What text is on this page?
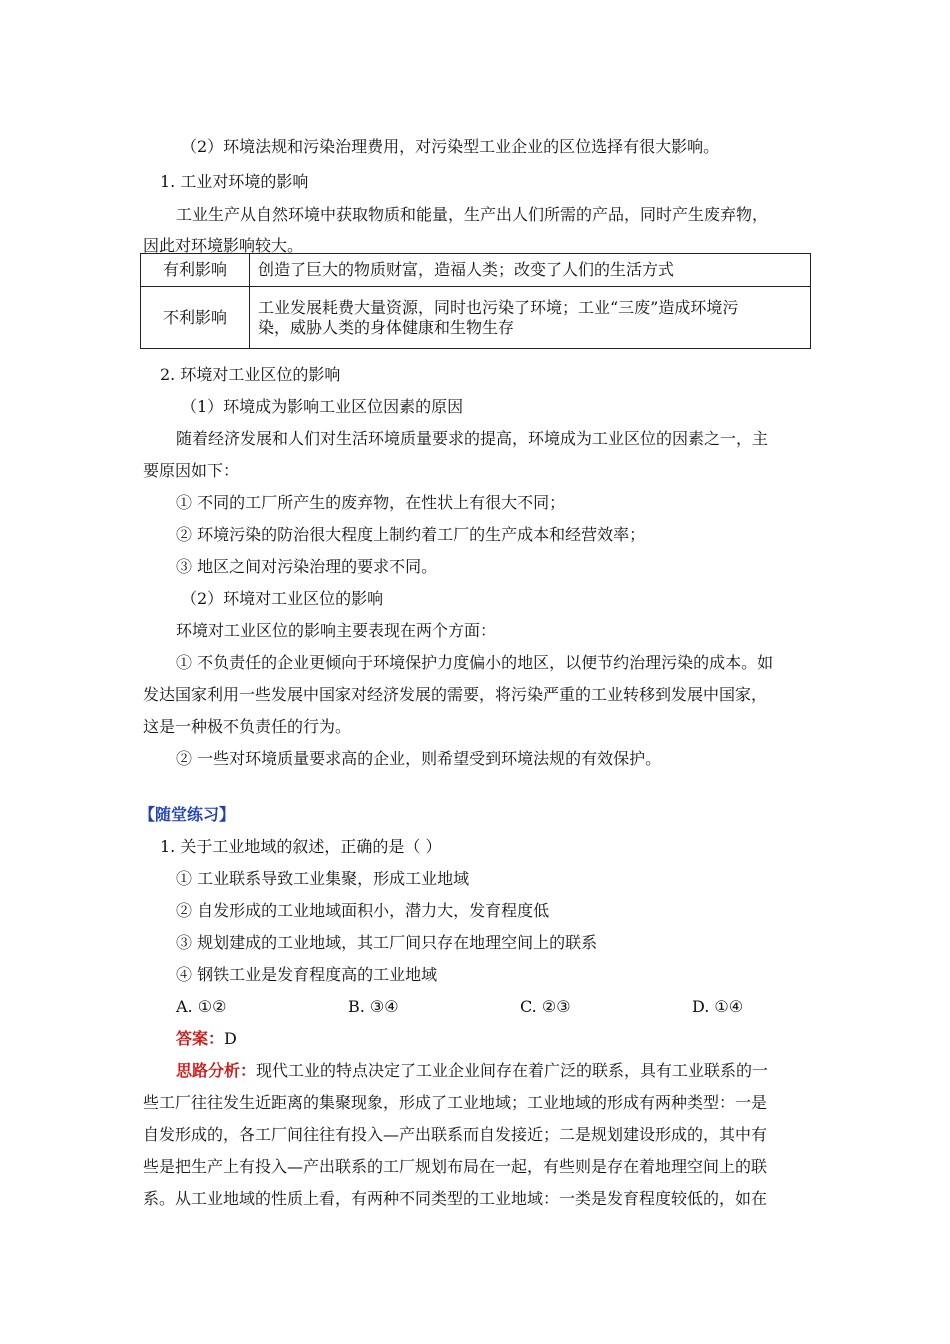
（2）环境法规和污染治理费用，对污染型工业企业的区位选择有很大影响。
1. 工业对环境的影响
工业生产从自然环境中获取物质和能量，生产出人们所需的产品，同时产生废弃物，
因此对环境影响较大。
有利影响	创造了巨大的物质财富，造福人类；改变了人们的生活方式
不利影响	工业发展耗费大量资源，同时也污染了环境；工业“三废”造成环境污
染，威胁人类的身体健康和生物生存
2. 环境对工业区位的影响
（1）环境成为影响工业区位因素的原因
随着经济发展和人们对生活环境质量要求的提高，环境成为工业区位的因素之一，主
要原因如下：
① 不同的工厂所产生的废弃物，在性状上有很大不同；
② 环境污染的防治很大程度上制约着工厂的生产成本和经营效率；
③ 地区之间对污染治理的要求不同。
（2）环境对工业区位的影响
环境对工业区位的影响主要表现在两个方面：
① 不负责任的企业更倾向于环境保护力度偏小的地区，以便节约治理污染的成本。如
发达国家利用一些发展中国家对经济发展的需要，将污染严重的工业转移到发展中国家，
这是一种极不负责任的行为。
② 一些对环境质量要求高的企业，则希望受到环境法规的有效保护。
【随堂练习】
1. 关于工业地域的叙述，正确的是（ ）
① 工业联系导致工业集聚，形成工业地域
② 自发形成的工业地域面积小，潜力大，发育程度低
③ 规划建成的工业地域，其工厂间只存在地理空间上的联系
④ 钢铁工业是发育程度高的工业地域
A. ①②	B. ③④	C. ②③	D. ①④
答案：D
思路分析：现代工业的特点决定了工业企业间存在着广泛的联系，具有工业联系的一
些工厂往往发生近距离的集聚现象，形成了工业地域；工业地域的形成有两种类型：一是
自发形成的，各工厂间往往有投入—产出联系而自发接近；二是规划建设形成的，其中有
些是把生产上有投入—产出联系的工厂规划布局在一起，有些则是存在着地理空间上的联
系。从工业地域的性质上看，有两种不同类型的工业地域：一类是发育程度较低的，如在
